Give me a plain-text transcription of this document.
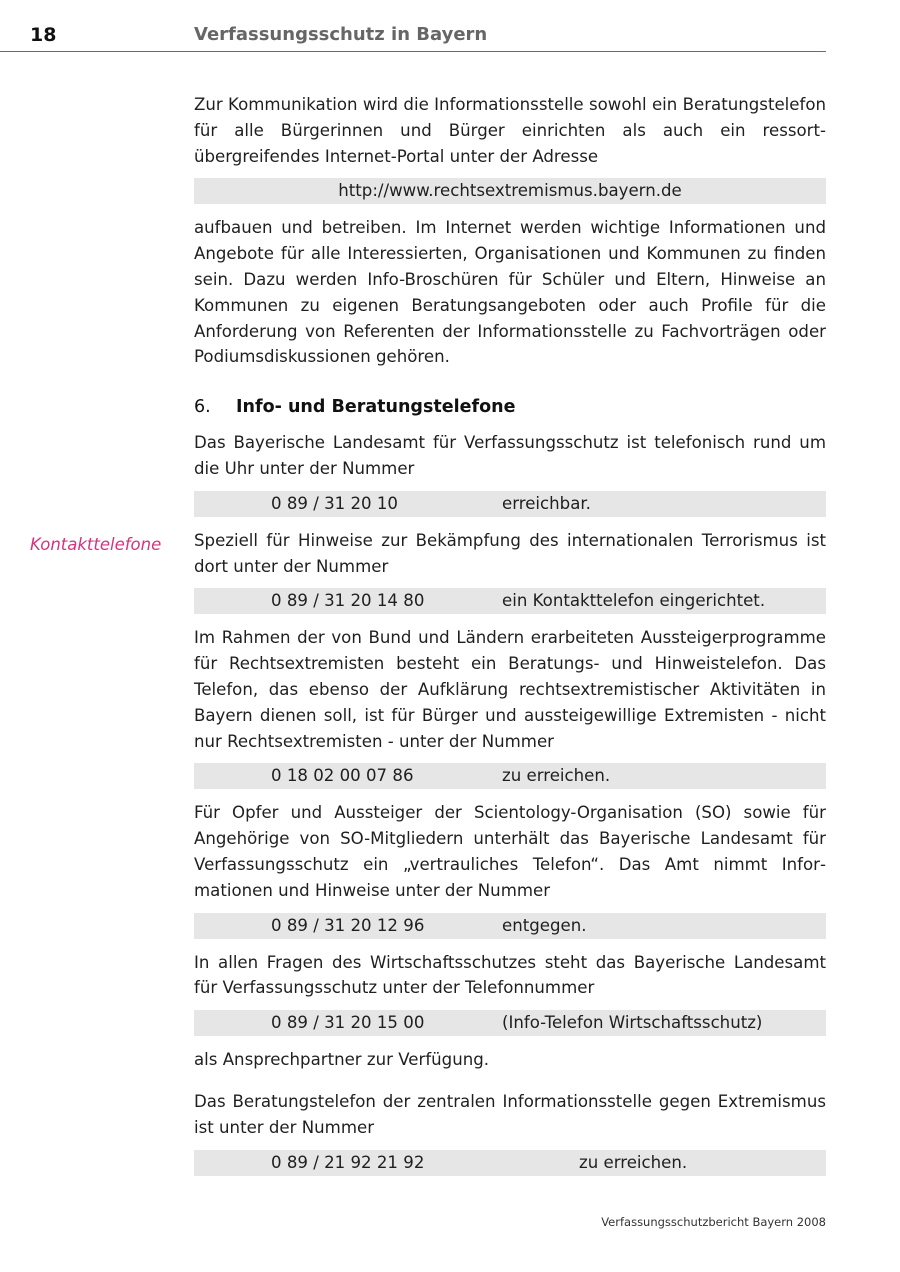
18	Verfassungsschutz in Bayern
Kontakttelefone

Zur Kommunikation wird die Informationsstelle sowohl ein Beratungstelefon für alle Bürgerinnen und Bürger einrichten als auch ein ressortübergreifendes Internet-Portal unter der Adresse

http://www.rechtsextremismus.bayern.de

aufbauen und betreiben. Im Internet werden wichtige Informationen und Angebote für alle Interessierten, Organisationen und Kommunen zu finden sein. Dazu werden Info-Broschüren für Schüler und Eltern, Hinweise an Kommunen zu eigenen Beratungsangeboten oder auch Profile für die Anforderung von Referenten der Informationsstelle zu Fachvorträgen oder Podiumsdiskussionen gehören.

6. Info- und Beratungstelefone

Das Bayerische Landesamt für Verfassungsschutz ist telefonisch rund um die Uhr unter der Nummer

0 89 / 31 20 10	erreichbar.

Speziell für Hinweise zur Bekämpfung des internationalen Terrorismus ist dort unter der Nummer

0 89 / 31 20 14 80	ein Kontakttelefon eingerichtet.

Im Rahmen der von Bund und Ländern erarbeiteten Aussteigerprogramme für Rechtsextremisten besteht ein Beratungs- und Hinweistelefon. Das Telefon, das ebenso der Aufklärung rechtsextremistischer Aktivitäten in Bayern dienen soll, ist für Bürger und aussteigewillige Extremisten - nicht nur Rechtsextremisten - unter der Nummer

0 18 02 00 07 86	zu erreichen.

Für Opfer und Aussteiger der Scientology-Organisation (SO) sowie für Angehörige von SO-Mitgliedern unterhält das Bayerische Landesamt für Verfassungsschutz ein „vertrauliches Telefon“. Das Amt nimmt Informationen und Hinweise unter der Nummer

0 89 / 31 20 12 96	entgegen.

In allen Fragen des Wirtschaftsschutzes steht das Bayerische Landesamt für Verfassungsschutz unter der Telefonnummer

0 89 / 31 20 15 00	(Info-Telefon Wirtschaftsschutz)

als Ansprechpartner zur Verfügung.

Das Beratungstelefon der zentralen Informationsstelle gegen Extremismus ist unter der Nummer

0 89 / 21 92 21 92	zu erreichen.
Verfassungsschutzbericht Bayern 2008
